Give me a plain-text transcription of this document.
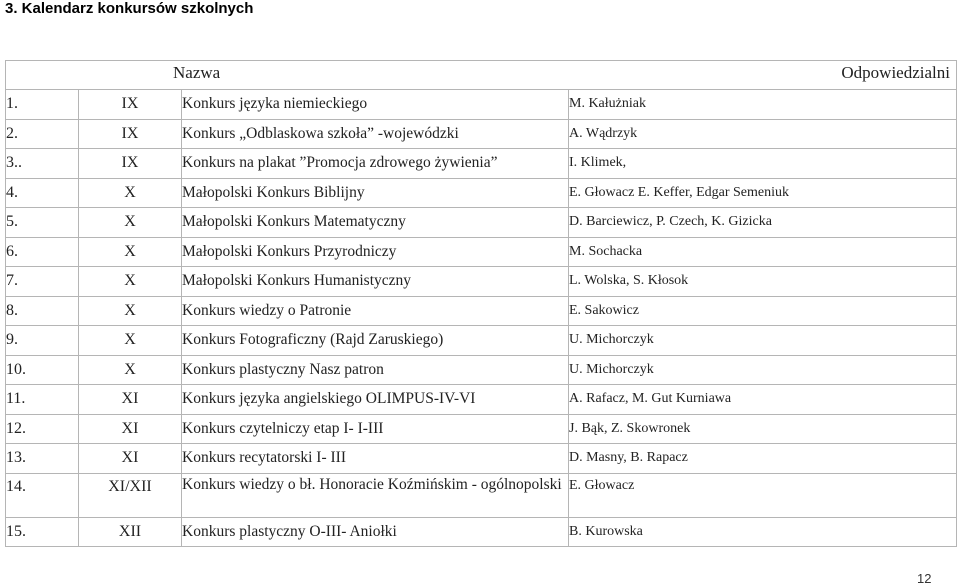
3. Kalendarz konkursów szkolnych
Nazwa Odpowiedzialni			

1.	IX	Konkurs języka niemieckiego	M. Kałużniak
2.	IX	Konkurs „Odblaskowa szkoła” -wojewódzki	A. Wądrzyk
3..	IX	Konkurs na plakat ”Promocja zdrowego żywienia”	I. Klimek,
4.	X	Małopolski Konkurs Biblijny	E. Głowacz E. Keffer, Edgar Semeniuk
5.	X	Małopolski Konkurs Matematyczny	D. Barciewicz, P. Czech, K. Gizicka
6.	X	Małopolski Konkurs Przyrodniczy	M. Sochacka
7.	X	Małopolski Konkurs Humanistyczny	L. Wolska, S. Kłosok
8.	X	Konkurs wiedzy o Patronie	E. Sakowicz
9.	X	Konkurs Fotograficzny (Rajd Zaruskiego)	U. Michorczyk
10.	X	Konkurs plastyczny Nasz patron	U. Michorczyk
11.	XI	Konkurs języka angielskiego OLIMPUS-IV-VI	A. Rafacz, M. Gut Kurniawa
12.	XI	Konkurs czytelniczy etap I- I-III	J. Bąk, Z. Skowronek
13.	XI	Konkurs recytatorski I- III	D. Masny, B. Rapacz
14.	XI/XII	Konkurs wiedzy o bł. Honoracie Koźmińskim - ogólnopolski	E. Głowacz
15.	XII	Konkurs plastyczny O-III- Aniołki	B. Kurowska
12
